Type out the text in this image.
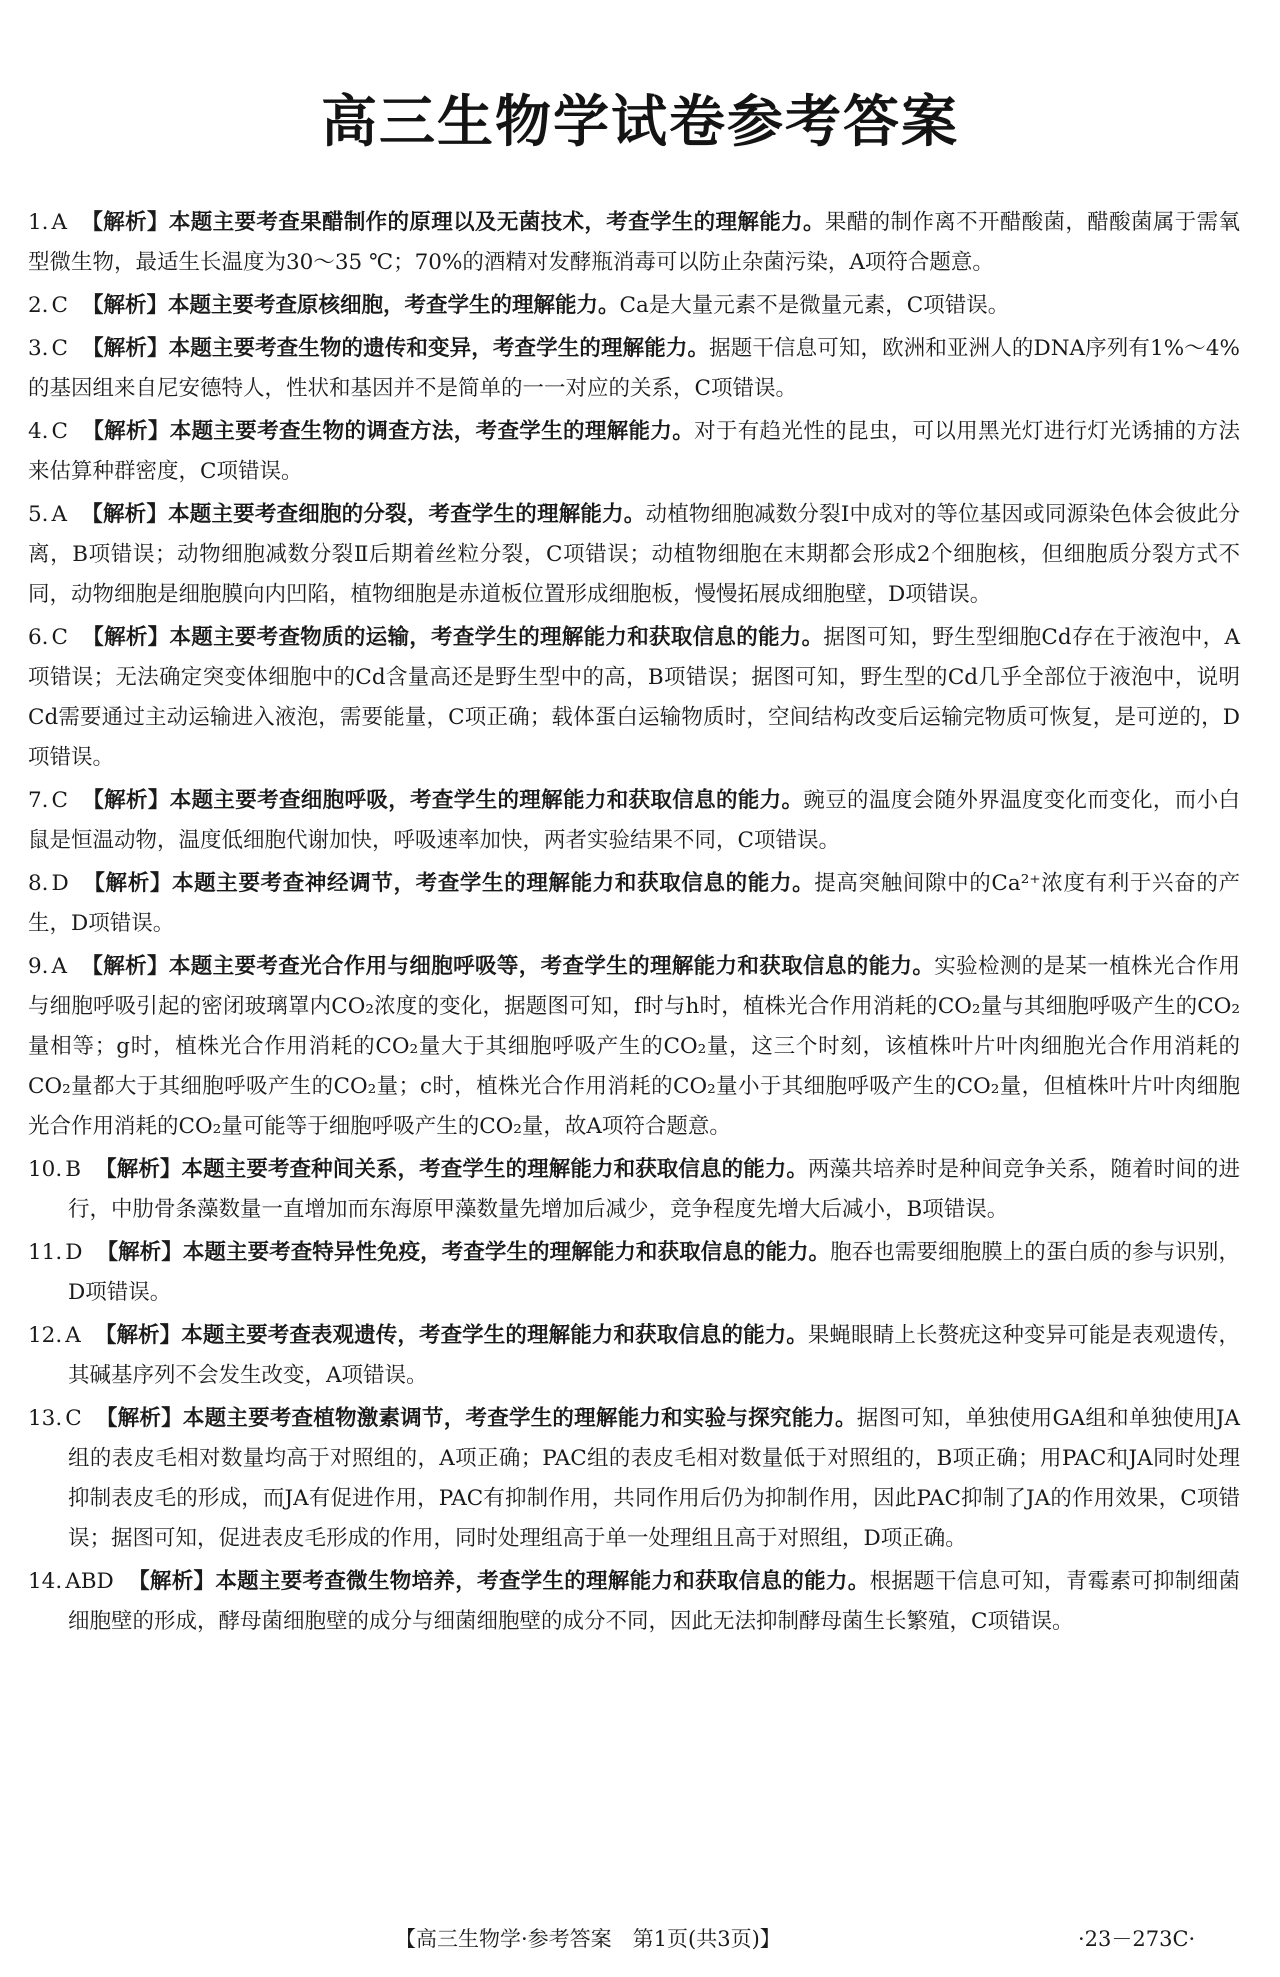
高三生物学试卷参考答案
1. A 【解析】本题主要考查果醋制作的原理以及无菌技术，考查学生的理解能力。果醋的制作离不开醋酸菌，醋酸菌属于需氧型微生物，最适生长温度为30～35 ℃；70%的酒精对发酵瓶消毒可以防止杂菌污染，A项符合题意。
2. C 【解析】本题主要考查原核细胞，考查学生的理解能力。Ca是大量元素不是微量元素，C项错误。
3. C 【解析】本题主要考查生物的遗传和变异，考查学生的理解能力。据题干信息可知，欧洲和亚洲人的DNA序列有1%～4%的基因组来自尼安德特人，性状和基因并不是简单的一一对应的关系，C项错误。
4. C 【解析】本题主要考查生物的调查方法，考查学生的理解能力。对于有趋光性的昆虫，可以用黑光灯进行灯光诱捕的方法来估算种群密度，C项错误。
5. A 【解析】本题主要考查细胞的分裂，考查学生的理解能力。动植物细胞减数分裂Ⅰ中成对的等位基因或同源染色体会彼此分离，B项错误；动物细胞减数分裂Ⅱ后期着丝粒分裂，C项错误；动植物细胞在末期都会形成2个细胞核，但细胞质分裂方式不同，动物细胞是细胞膜向内凹陷，植物细胞是赤道板位置形成细胞板，慢慢拓展成细胞壁，D项错误。
6. C 【解析】本题主要考查物质的运输，考查学生的理解能力和获取信息的能力。据图可知，野生型细胞Cd存在于液泡中，A项错误；无法确定突变体细胞中的Cd含量高还是野生型中的高，B项错误；据图可知，野生型的Cd几乎全部位于液泡中，说明Cd需要通过主动运输进入液泡，需要能量，C项正确；载体蛋白运输物质时，空间结构改变后运输完物质可恢复，是可逆的，D项错误。
7. C 【解析】本题主要考查细胞呼吸，考查学生的理解能力和获取信息的能力。豌豆的温度会随外界温度变化而变化，而小白鼠是恒温动物，温度低细胞代谢加快，呼吸速率加快，两者实验结果不同，C项错误。
8. D 【解析】本题主要考查神经调节，考查学生的理解能力和获取信息的能力。提高突触间隙中的Ca²⁺浓度有利于兴奋的产生，D项错误。
9. A 【解析】本题主要考查光合作用与细胞呼吸等，考查学生的理解能力和获取信息的能力。实验检测的是某一植株光合作用与细胞呼吸引起的密闭玻璃罩内CO₂浓度的变化，据题图可知，f时与h时，植株光合作用消耗的CO₂量与其细胞呼吸产生的CO₂量相等；g时，植株光合作用消耗的CO₂量大于其细胞呼吸产生的CO₂量，这三个时刻，该植株叶片叶肉细胞光合作用消耗的CO₂量都大于其细胞呼吸产生的CO₂量；c时，植株光合作用消耗的CO₂量小于其细胞呼吸产生的CO₂量，但植株叶片叶肉细胞光合作用消耗的CO₂量可能等于细胞呼吸产生的CO₂量，故A项符合题意。
10. B 【解析】本题主要考查种间关系，考查学生的理解能力和获取信息的能力。两藻共培养时是种间竞争关系，随着时间的进行，中肋骨条藻数量一直增加而东海原甲藻数量先增加后减少，竞争程度先增大后减小，B项错误。
11. D 【解析】本题主要考查特异性免疫，考查学生的理解能力和获取信息的能力。胞吞也需要细胞膜上的蛋白质的参与识别，D项错误。
12. A 【解析】本题主要考查表观遗传，考查学生的理解能力和获取信息的能力。果蝇眼睛上长赘疣这种变异可能是表观遗传，其碱基序列不会发生改变，A项错误。
13. C 【解析】本题主要考查植物激素调节，考查学生的理解能力和实验与探究能力。据图可知，单独使用GA组和单独使用JA组的表皮毛相对数量均高于对照组的，A项正确；PAC组的表皮毛相对数量低于对照组的，B项正确；用PAC和JA同时处理抑制表皮毛的形成，而JA有促进作用，PAC有抑制作用，共同作用后仍为抑制作用，因此PAC抑制了JA的作用效果，C项错误；据图可知，促进表皮毛形成的作用，同时处理组高于单一处理组且高于对照组，D项正确。
14. ABD 【解析】本题主要考查微生物培养，考查学生的理解能力和获取信息的能力。根据题干信息可知，青霉素可抑制细菌细胞壁的形成，酵母菌细胞壁的成分与细菌细胞壁的成分不同，因此无法抑制酵母菌生长繁殖，C项错误。
【高三生物学·参考答案　第1页(共3页)】	·23－273C·
